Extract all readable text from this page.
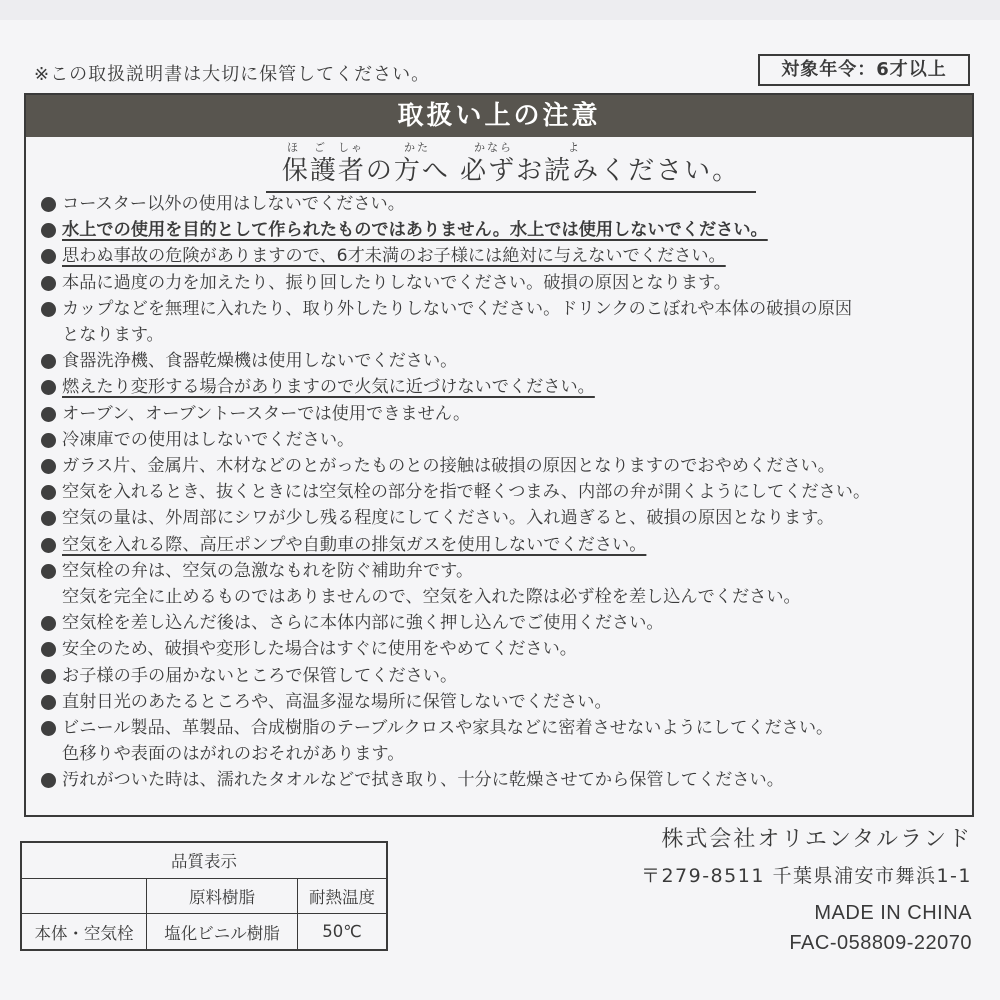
※この取扱説明書は大切に保管してください。	対象年令：6才以上
取扱い上の注意
ほ ご しゃ	かた	かなら	よ
保護者の方へ 必ずお読みください。
コースター以外の使用はしないでください。
水上での使用を目的として作られたものではありません。水上では使用しないでください。
思わぬ事故の危険がありますので、6才未満のお子様には絶対に与えないでください。
本品に過度の力を加えたり、振り回したりしないでください。破損の原因となります。
カップなどを無理に入れたり、取り外したりしないでください。ドリンクのこぼれや本体の破損の原因
となります。
食器洗浄機、食器乾燥機は使用しないでください。
燃えたり変形する場合がありますので火気に近づけないでください。
オーブン、オーブントースターでは使用できません。
冷凍庫での使用はしないでください。
ガラス片、金属片、木材などのとがったものとの接触は破損の原因となりますのでおやめください。
空気を入れるとき、抜くときには空気栓の部分を指で軽くつまみ、内部の弁が開くようにしてください。
空気の量は、外周部にシワが少し残る程度にしてください。入れ過ぎると、破損の原因となります。
空気を入れる際、高圧ポンプや自動車の排気ガスを使用しないでください。
空気栓の弁は、空気の急激なもれを防ぐ補助弁です。
空気を完全に止めるものではありませんので、空気を入れた際は必ず栓を差し込んでください。
空気栓を差し込んだ後は、さらに本体内部に強く押し込んでご使用ください。
安全のため、破損や変形した場合はすぐに使用をやめてください。
お子様の手の届かないところで保管してください。
直射日光のあたるところや、高温多湿な場所に保管しないでください。
ビニール製品、革製品、合成樹脂のテーブルクロスや家具などに密着させないようにしてください。
色移りや表面のはがれのおそれがあります。
汚れがついた時は、濡れたタオルなどで拭き取り、十分に乾燥させてから保管してください。
品質表示		
	原料樹脂	耐熱温度
本体・空気栓	塩化ビニル樹脂	50℃
株式会社オリエンタルランド
〒279-8511 千葉県浦安市舞浜1-1
MADE IN CHINA
FAC-058809-22070
